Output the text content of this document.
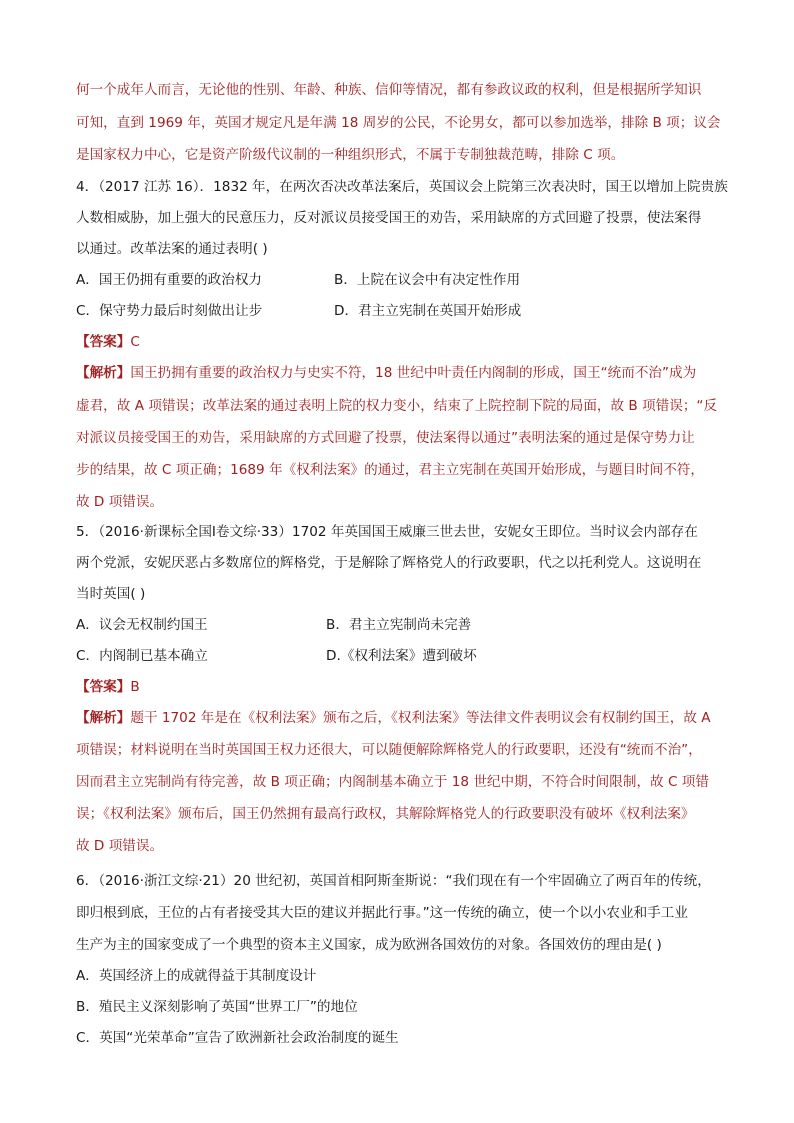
何一个成年人而言，无论他的性别、年龄、种族、信仰等情况，都有参政议政的权利，但是根据所学知识
可知，直到 1969 年，英国才规定凡是年满 18 周岁的公民，不论男女，都可以参加选举，排除 B 项；议会
是国家权力中心，它是资产阶级代议制的一种组织形式，不属于专制独裁范畴，排除 C 项。
4．（2017 江苏 16）．1832 年，在两次否决改革法案后，英国议会上院第三次表决时，国王以增加上院贵族
人数相威胁，加上强大的民意压力，反对派议员接受国王的劝告，采用缺席的方式回避了投票，使法案得
以通过。改革法案的通过表明( )
A．国王仍拥有重要的政治权力	B．上院在议会中有决定性作用
C．保守势力最后时刻做出让步	D．君主立宪制在英国开始形成
【答案】C
【解析】国王扔拥有重要的政治权力与史实不符，18 世纪中叶责任内阁制的形成，国王“统而不治”成为
虚君，故 A 项错误；改革法案的通过表明上院的权力变小，结束了上院控制下院的局面，故 B 项错误；“反
对派议员接受国王的劝告，采用缺席的方式回避了投票，使法案得以通过”表明法案的通过是保守势力让
步的结果，故 C 项正确；1689 年《权利法案》的通过，君主立宪制在英国开始形成，与题目时间不符，
故 D 项错误。
5．（2016·新课标全国Ⅰ卷文综·33）1702 年英国国王威廉三世去世，安妮女王即位。当时议会内部存在
两个党派，安妮厌恶占多数席位的辉格党，于是解除了辉格党人的行政要职，代之以托利党人。这说明在
当时英国( )
A．议会无权制约国王	B．君主立宪制尚未完善
C．内阁制已基本确立	D.《权利法案》遭到破坏
【答案】B
【解析】题干 1702 年是在《权利法案》颁布之后，《权利法案》等法律文件表明议会有权制约国王，故 A
项错误；材料说明在当时英国国王权力还很大，可以随便解除辉格党人的行政要职，还没有“统而不治”，
因而君主立宪制尚有待完善，故 B 项正确；内阁制基本确立于 18 世纪中期，不符合时间限制，故 C 项错
误；《权利法案》颁布后，国王仍然拥有最高行政权，其解除辉格党人的行政要职没有破坏《权利法案》
故 D 项错误。
6．（2016·浙江文综·21）20 世纪初，英国首相阿斯奎斯说：“我们现在有一个牢固确立了两百年的传统，
即归根到底，王位的占有者接受其大臣的建议并据此行事。”这一传统的确立，使一个以小农业和手工业
生产为主的国家变成了一个典型的资本主义国家，成为欧洲各国效仿的对象。各国效仿的理由是( )
A．英国经济上的成就得益于其制度设计
B．殖民主义深刻影响了英国“世界工厂”的地位
C．英国“光荣革命”宣告了欧洲新社会政治制度的诞生
